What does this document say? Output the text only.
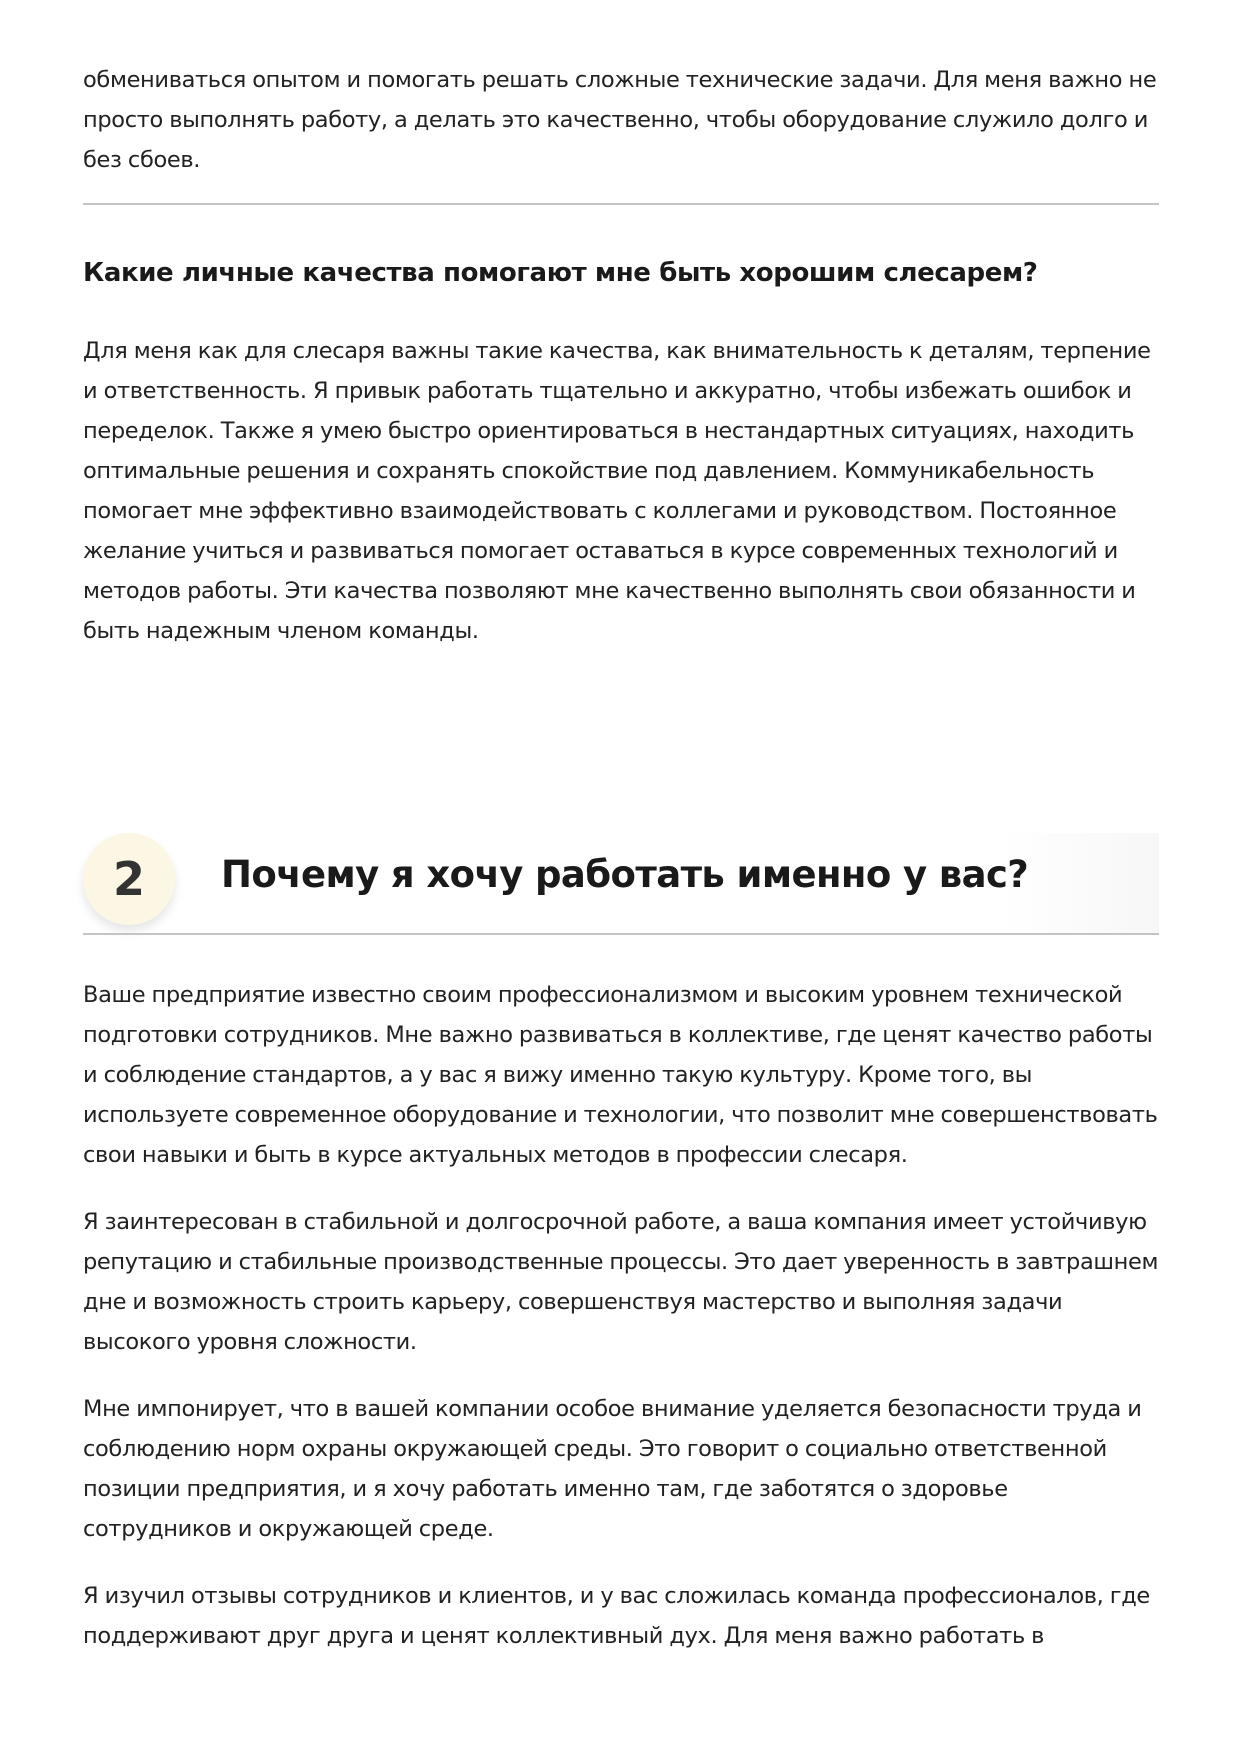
обмениваться опытом и помогать решать сложные технические задачи. Для меня важно не просто выполнять работу, а делать это качественно, чтобы оборудование служило долго и без сбоев.

Какие личные качества помогают мне быть хорошим слесарем?

Для меня как для слесаря важны такие качества, как внимательность к деталям, терпение и ответственность. Я привык работать тщательно и аккуратно, чтобы избежать ошибок и переделок. Также я умею быстро ориентироваться в нестандартных ситуациях, находить оптимальные решения и сохранять спокойствие под давлением. Коммуникабельность помогает мне эффективно взаимодействовать с коллегами и руководством. Постоянное желание учиться и развиваться помогает оставаться в курсе современных технологий и методов работы. Эти качества позволяют мне качественно выполнять свои обязанности и быть надежным членом команды.

2	Почему я хочу работать именно у вас?

Ваше предприятие известно своим профессионализмом и высоким уровнем технической подготовки сотрудников. Мне важно развиваться в коллективе, где ценят качество работы и соблюдение стандартов, а у вас я вижу именно такую культуру. Кроме того, вы используете современное оборудование и технологии, что позволит мне совершенствовать свои навыки и быть в курсе актуальных методов в профессии слесаря.

Я заинтересован в стабильной и долгосрочной работе, а ваша компания имеет устойчивую репутацию и стабильные производственные процессы. Это дает уверенность в завтрашнем дне и возможность строить карьеру, совершенствуя мастерство и выполняя задачи высокого уровня сложности.

Мне импонирует, что в вашей компании особое внимание уделяется безопасности труда и соблюдению норм охраны окружающей среды. Это говорит о социально ответственной позиции предприятия, и я хочу работать именно там, где заботятся о здоровье сотрудников и окружающей среде.

Я изучил отзывы сотрудников и клиентов, и у вас сложилась команда профессионалов, где поддерживают друг друга и ценят коллективный дух. Для меня важно работать в
